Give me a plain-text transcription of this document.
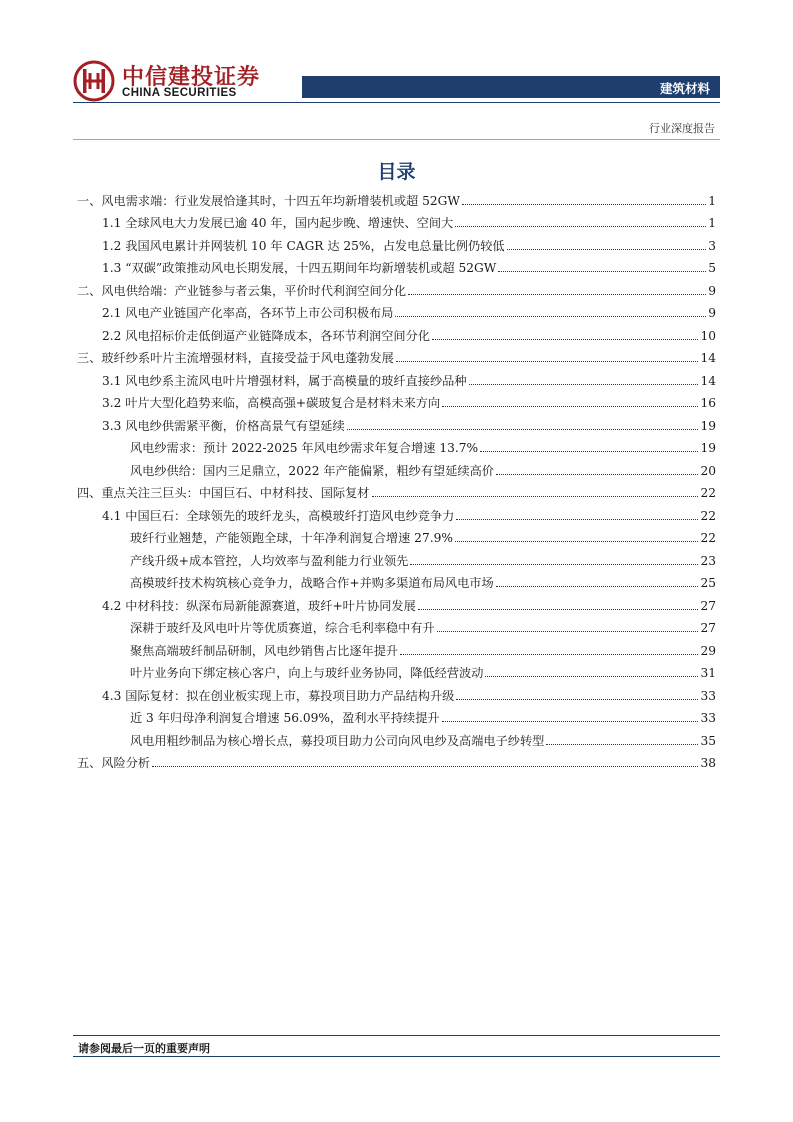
中信建投证券
CHINA SECURITIES	建筑材料
行业深度报告
目录
一、风电需求端：行业发展恰逢其时，十四五年均新增装机或超 52GW	1
1.1 全球风电大力发展已逾 40 年，国内起步晚、增速快、空间大	1
1.2 我国风电累计并网装机 10 年 CAGR 达 25%，占发电总量比例仍较低	3
1.3 “双碳”政策推动风电长期发展，十四五期间年均新增装机或超 52GW	5
二、风电供给端：产业链参与者云集，平价时代利润空间分化	9
2.1 风电产业链国产化率高，各环节上市公司积极布局	9
2.2 风电招标价走低倒逼产业链降成本，各环节利润空间分化	10
三、玻纤纱系叶片主流增强材料，直接受益于风电蓬勃发展	14
3.1 风电纱系主流风电叶片增强材料，属于高模量的玻纤直接纱品种	14
3.2 叶片大型化趋势来临，高模高强+碳玻复合是材料未来方向	16
3.3 风电纱供需紧平衡，价格高景气有望延续	19
风电纱需求：预计 2022-2025 年风电纱需求年复合增速 13.7%	19
风电纱供给：国内三足鼎立，2022 年产能偏紧，粗纱有望延续高价	20
四、重点关注三巨头：中国巨石、中材科技、国际复材	22
4.1 中国巨石：全球领先的玻纤龙头，高模玻纤打造风电纱竞争力	22
玻纤行业翘楚，产能领跑全球，十年净利润复合增速 27.9%	22
产线升级+成本管控，人均效率与盈利能力行业领先	23
高模玻纤技术构筑核心竞争力，战略合作+并购多渠道布局风电市场	25
4.2 中材科技：纵深布局新能源赛道，玻纤+叶片协同发展	27
深耕于玻纤及风电叶片等优质赛道，综合毛利率稳中有升	27
聚焦高端玻纤制品研制，风电纱销售占比逐年提升	29
叶片业务向下绑定核心客户，向上与玻纤业务协同，降低经营波动	31
4.3 国际复材：拟在创业板实现上市，募投项目助力产品结构升级	33
近 3 年归母净利润复合增速 56.09%，盈利水平持续提升	33
风电用粗纱制品为核心增长点，募投项目助力公司向风电纱及高端电子纱转型	35
五、风险分析	38
请参阅最后一页的重要声明
